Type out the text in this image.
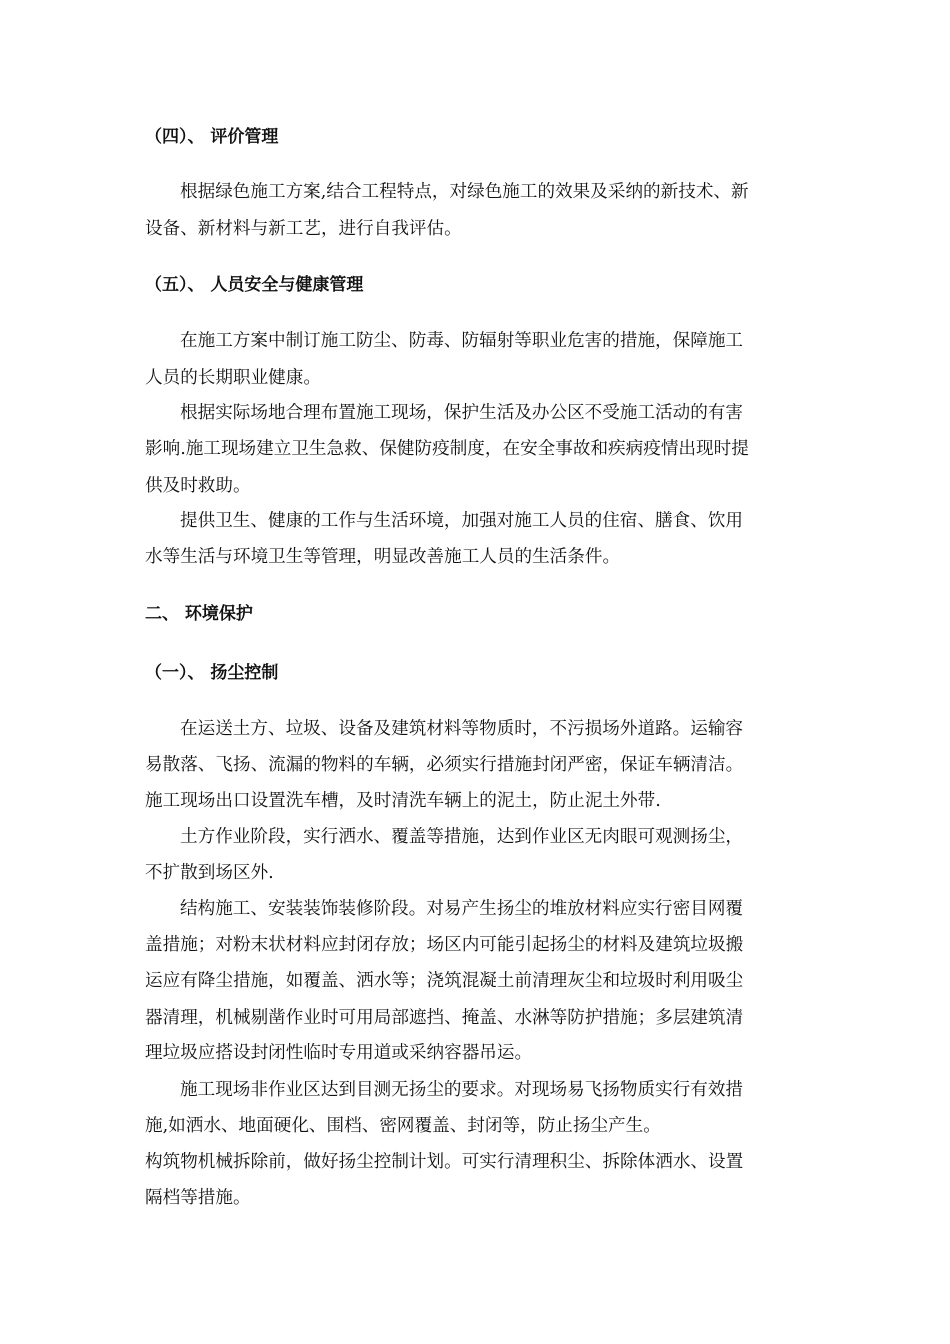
（四）、 评价管理
根据绿色施工方案,结合工程特点，对绿色施工的效果及采纳的新技术、新
设备、新材料与新工艺，进行自我评估。
（五）、 人员安全与健康管理
在施工方案中制订施工防尘、防毒、防辐射等职业危害的措施，保障施工
人员的长期职业健康。
根据实际场地合理布置施工现场，保护生活及办公区不受施工活动的有害
影响.施工现场建立卫生急救、保健防疫制度，在安全事故和疾病疫情出现时提
供及时救助。
提供卫生、健康的工作与生活环境，加强对施工人员的住宿、膳食、饮用
水等生活与环境卫生等管理，明显改善施工人员的生活条件。
二、 环境保护
（一）、 扬尘控制
在运送土方、垃圾、设备及建筑材料等物质时，不污损场外道路。运输容
易散落、飞扬、流漏的物料的车辆，必须实行措施封闭严密，保证车辆清洁。
施工现场出口设置洗车槽，及时清洗车辆上的泥土，防止泥土外带.
土方作业阶段，实行洒水、覆盖等措施，达到作业区无肉眼可观测扬尘，
不扩散到场区外.
结构施工、安装装饰装修阶段。对易产生扬尘的堆放材料应实行密目网覆
盖措施；对粉末状材料应封闭存放；场区内可能引起扬尘的材料及建筑垃圾搬
运应有降尘措施，如覆盖、洒水等；浇筑混凝土前清理灰尘和垃圾时利用吸尘
器清理，机械剔凿作业时可用局部遮挡、掩盖、水淋等防护措施；多层建筑清
理垃圾应搭设封闭性临时专用道或采纳容器吊运。
施工现场非作业区达到目测无扬尘的要求。对现场易飞扬物质实行有效措
施,如洒水、地面硬化、围档、密网覆盖、封闭等，防止扬尘产生。
构筑物机械拆除前，做好扬尘控制计划。可实行清理积尘、拆除体洒水、设置
隔档等措施。
